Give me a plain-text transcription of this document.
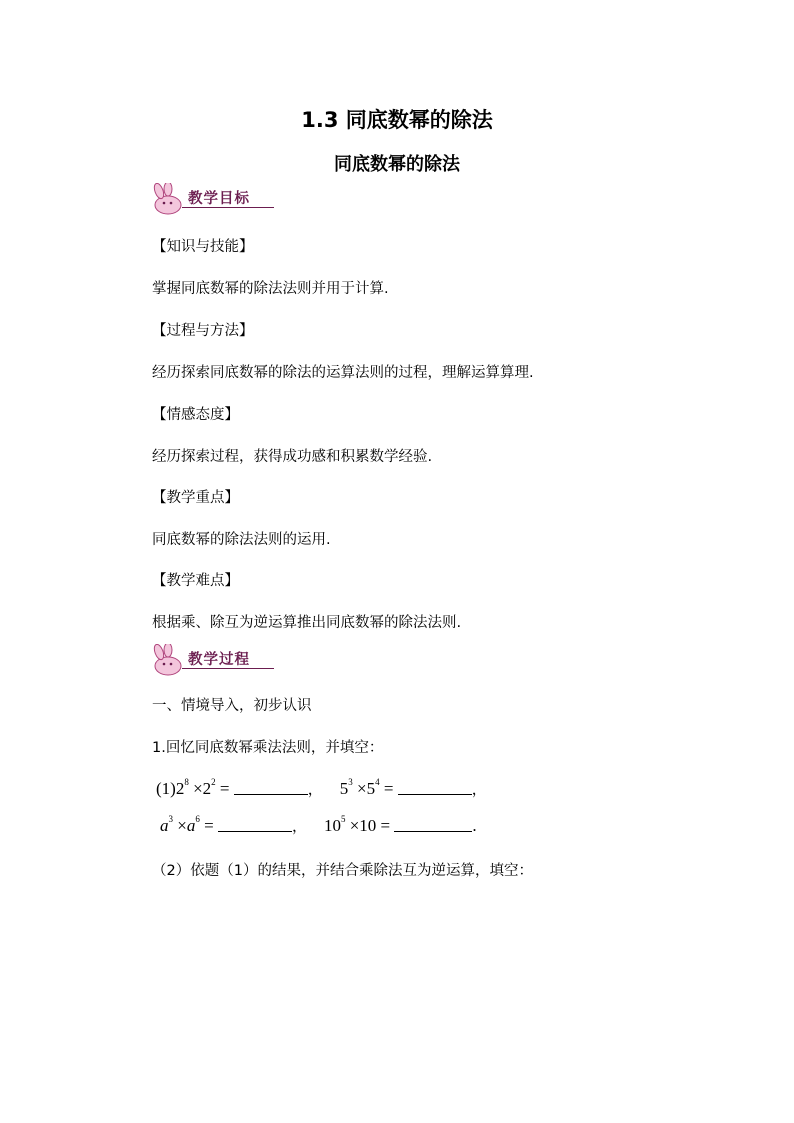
1.3 同底数幂的除法
同底数幂的除法
教学目标
【知识与技能】
掌握同底数幂的除法法则并用于计算.
【过程与方法】
经历探索同底数幂的除法的运算法则的过程，理解运算算理.
【情感态度】
经历探索过程，获得成功感和积累数学经验.
【教学重点】
同底数幂的除法法则的运用.
【教学难点】
根据乘、除互为逆运算推出同底数幂的除法法则.
教学过程
一、情境导入，初步认识
1.回忆同底数幂乘法法则，并填空：
$(1)2^8 \times 2^2$ =	， $5^3 \times 5^4$ =	，
$a^3 \times a^6$ =	， $10^5 \times 10$ =	.
（2）依题（1）的结果，并结合乘除法互为逆运算，填空：
